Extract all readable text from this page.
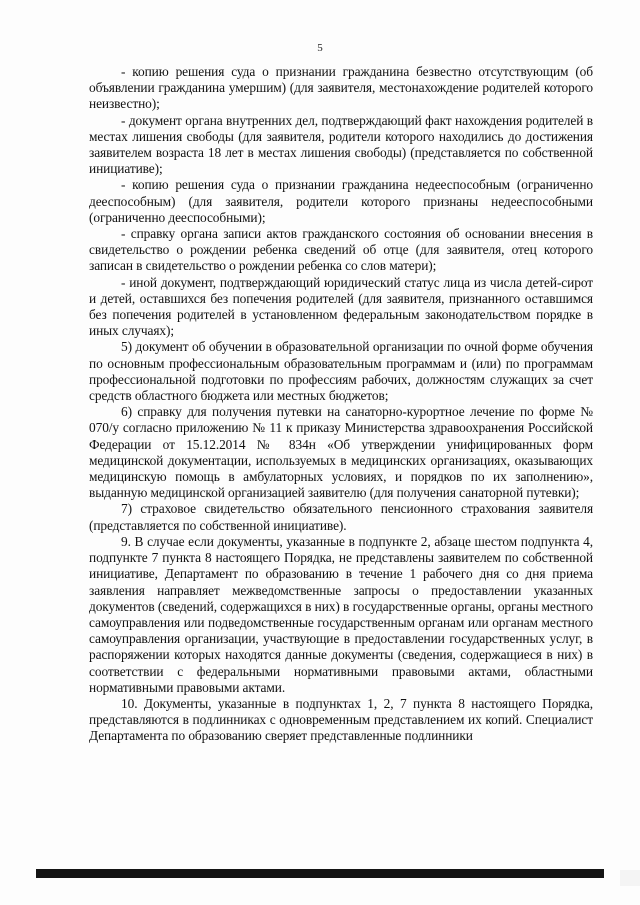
5

- копию решения суда о признании гражданина безвестно отсутствующим (об объявлении гражданина умершим) (для заявителя, местонахождение родителей которого неизвестно);

- документ органа внутренних дел, подтверждающий факт нахождения родителей в местах лишения свободы (для заявителя, родители которого находились до достижения заявителем возраста 18 лет в местах лишения свободы) (представляется по собственной инициативе);

- копию решения суда о признании гражданина недееспособным (ограниченно дееспособным) (для заявителя, родители которого признаны недееспособными (ограниченно дееспособными);

- справку органа записи актов гражданского состояния об основании внесения в свидетельство о рождении ребенка сведений об отце (для заявителя, отец которого записан в свидетельство о рождении ребенка со слов матери);

- иной документ, подтверждающий юридический статус лица из числа детей-сирот и детей, оставшихся без попечения родителей (для заявителя, признанного оставшимся без попечения родителей в установленном федеральным законодательством порядке в иных случаях);

5) документ об обучении в образовательной организации по очной форме обучения по основным профессиональным образовательным программам и (или) по программам профессиональной подготовки по профессиям рабочих, должностям служащих за счет средств областного бюджета или местных бюджетов;

6) справку для получения путевки на санаторно-курортное лечение по форме № 070/у согласно приложению № 11 к приказу Министерства здравоохранения Российской Федерации от 15.12.2014 № 834н «Об утверждении унифицированных форм медицинской документации, используемых в медицинских организациях, оказывающих медицинскую помощь в амбулаторных условиях, и порядков по их заполнению», выданную медицинской организацией заявителю (для получения санаторной путевки);

7) страховое свидетельство обязательного пенсионного страхования заявителя (представляется по собственной инициативе).

9. В случае если документы, указанные в подпункте 2, абзаце шестом подпункта 4, подпункте 7 пункта 8 настоящего Порядка, не представлены заявителем по собственной инициативе, Департамент по образованию в течение 1 рабочего дня со дня приема заявления направляет межведомственные запросы о предоставлении указанных документов (сведений, содержащихся в них) в государственные органы, органы местного самоуправления или подведомственные государственным органам или органам местного самоуправления организации, участвующие в предоставлении государственных услуг, в распоряжении которых находятся данные документы (сведения, содержащиеся в них) в соответствии с федеральными нормативными правовыми актами, областными нормативными правовыми актами.

10. Документы, указанные в подпунктах 1, 2, 7 пункта 8 настоящего Порядка, представляются в подлинниках с одновременным представлением их копий. Специалист Департамента по образованию сверяет представленные подлинники
